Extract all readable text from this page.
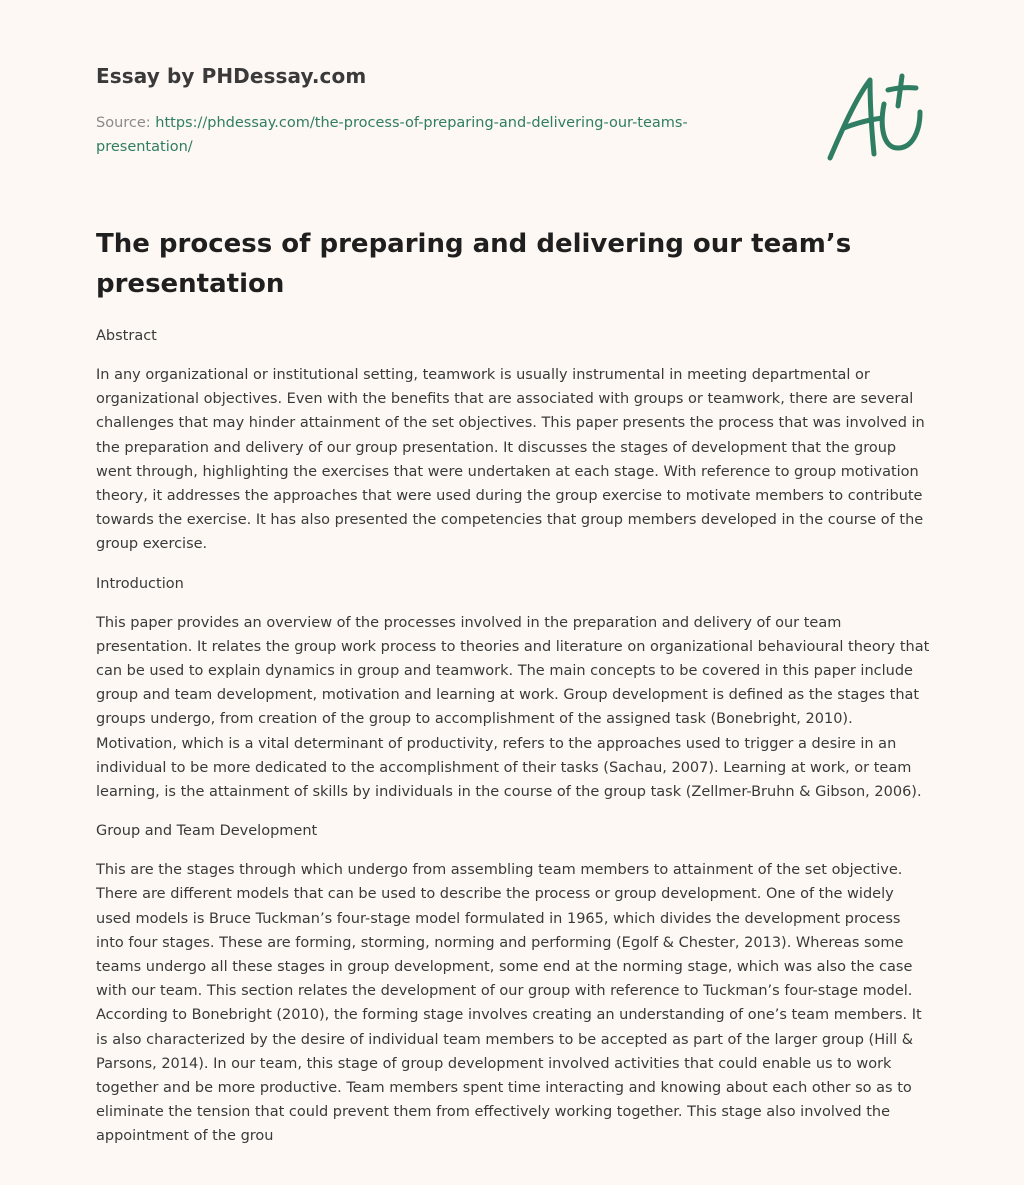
Essay by PHDessay.com
Source: https://phdessay.com/the-process-of-preparing-and-delivering-our-teams-presentation/
The process of preparing and delivering our team’s presentation

Abstract

In any organizational or institutional setting, teamwork is usually instrumental in meeting departmental or organizational objectives. Even with the benefits that are associated with groups or teamwork, there are several challenges that may hinder attainment of the set objectives. This paper presents the process that was involved in the preparation and delivery of our group presentation. It discusses the stages of development that the group went through, highlighting the exercises that were undertaken at each stage. With reference to group motivation theory, it addresses the approaches that were used during the group exercise to motivate members to contribute towards the exercise. It has also presented the competencies that group members developed in the course of the group exercise.

Introduction

This paper provides an overview of the processes involved in the preparation and delivery of our team presentation. It relates the group work process to theories and literature on organizational behavioural theory that can be used to explain dynamics in group and teamwork. The main concepts to be covered in this paper include group and team development, motivation and learning at work. Group development is defined as the stages that groups undergo, from creation of the group to accomplishment of the assigned task (Bonebright, 2010). Motivation, which is a vital determinant of productivity, refers to the approaches used to trigger a desire in an individual to be more dedicated to the accomplishment of their tasks (Sachau, 2007). Learning at work, or team learning, is the attainment of skills by individuals in the course of the group task (Zellmer-Bruhn & Gibson, 2006).

Group and Team Development

This are the stages through which undergo from assembling team members to attainment of the set objective. There are different models that can be used to describe the process or group development. One of the widely used models is Bruce Tuckman’s four-stage model formulated in 1965, which divides the development process into four stages. These are forming, storming, norming and performing (Egolf & Chester, 2013). Whereas some teams undergo all these stages in group development, some end at the norming stage, which was also the case with our team. This section relates the development of our group with reference to Tuckman’s four-stage model. According to Bonebright (2010), the forming stage involves creating an understanding of one’s team members. It is also characterized by the desire of individual team members to be accepted as part of the larger group (Hill & Parsons, 2014). In our team, this stage of group development involved activities that could enable us to work together and be more productive. Team members spent time interacting and knowing about each other so as to eliminate the tension that could prevent them from effectively working together. This stage also involved the appointment of the grou
